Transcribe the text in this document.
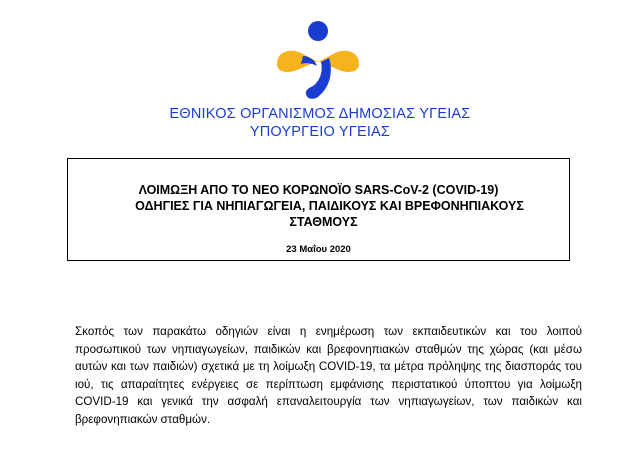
ΕΘΝΙΚΟΣ ΟΡΓΑΝΙΣΜΟΣ ΔΗΜΟΣΙΑΣ ΥΓΕΙΑΣ
ΥΠΟΥΡΓΕΙΟ ΥΓΕΙΑΣ
ΛΟΙΜΩΞΗ ΑΠΟ ΤΟ ΝΕΟ ΚΟΡΩΝΟΪΟ SARS-CoV-2 (COVID-19)
ΟΔΗΓΙΕΣ ΓΙΑ ΝΗΠΙΑΓΩΓΕΙΑ, ΠΑΙΔΙΚΟΥΣ ΚΑΙ ΒΡΕΦΟΝΗΠΙΑΚΟΥΣ
ΣΤΑΘΜΟΥΣ
23 Μαΐου 2020

Σκοπός των παρακάτω οδηγιών είναι η ενημέρωση των εκπαιδευτικών και του λοιπού προσωπικού των νηπιαγωγείων, παιδικών και βρεφονηπιακών σταθμών της χώρας (και μέσω αυτών και των παιδιών) σχετικά με τη λοίμωξη COVID-19, τα μέτρα πρόληψης της διασποράς του ιού, τις απαραίτητες ενέργειες σε περίπτωση εμφάνισης περιστατικού ύποπτου για λοίμωξη COVID-19 και γενικά την ασφαλή επαναλειτουργία των νηπιαγωγείων, των παιδικών και βρεφονηπιακών σταθμών.
